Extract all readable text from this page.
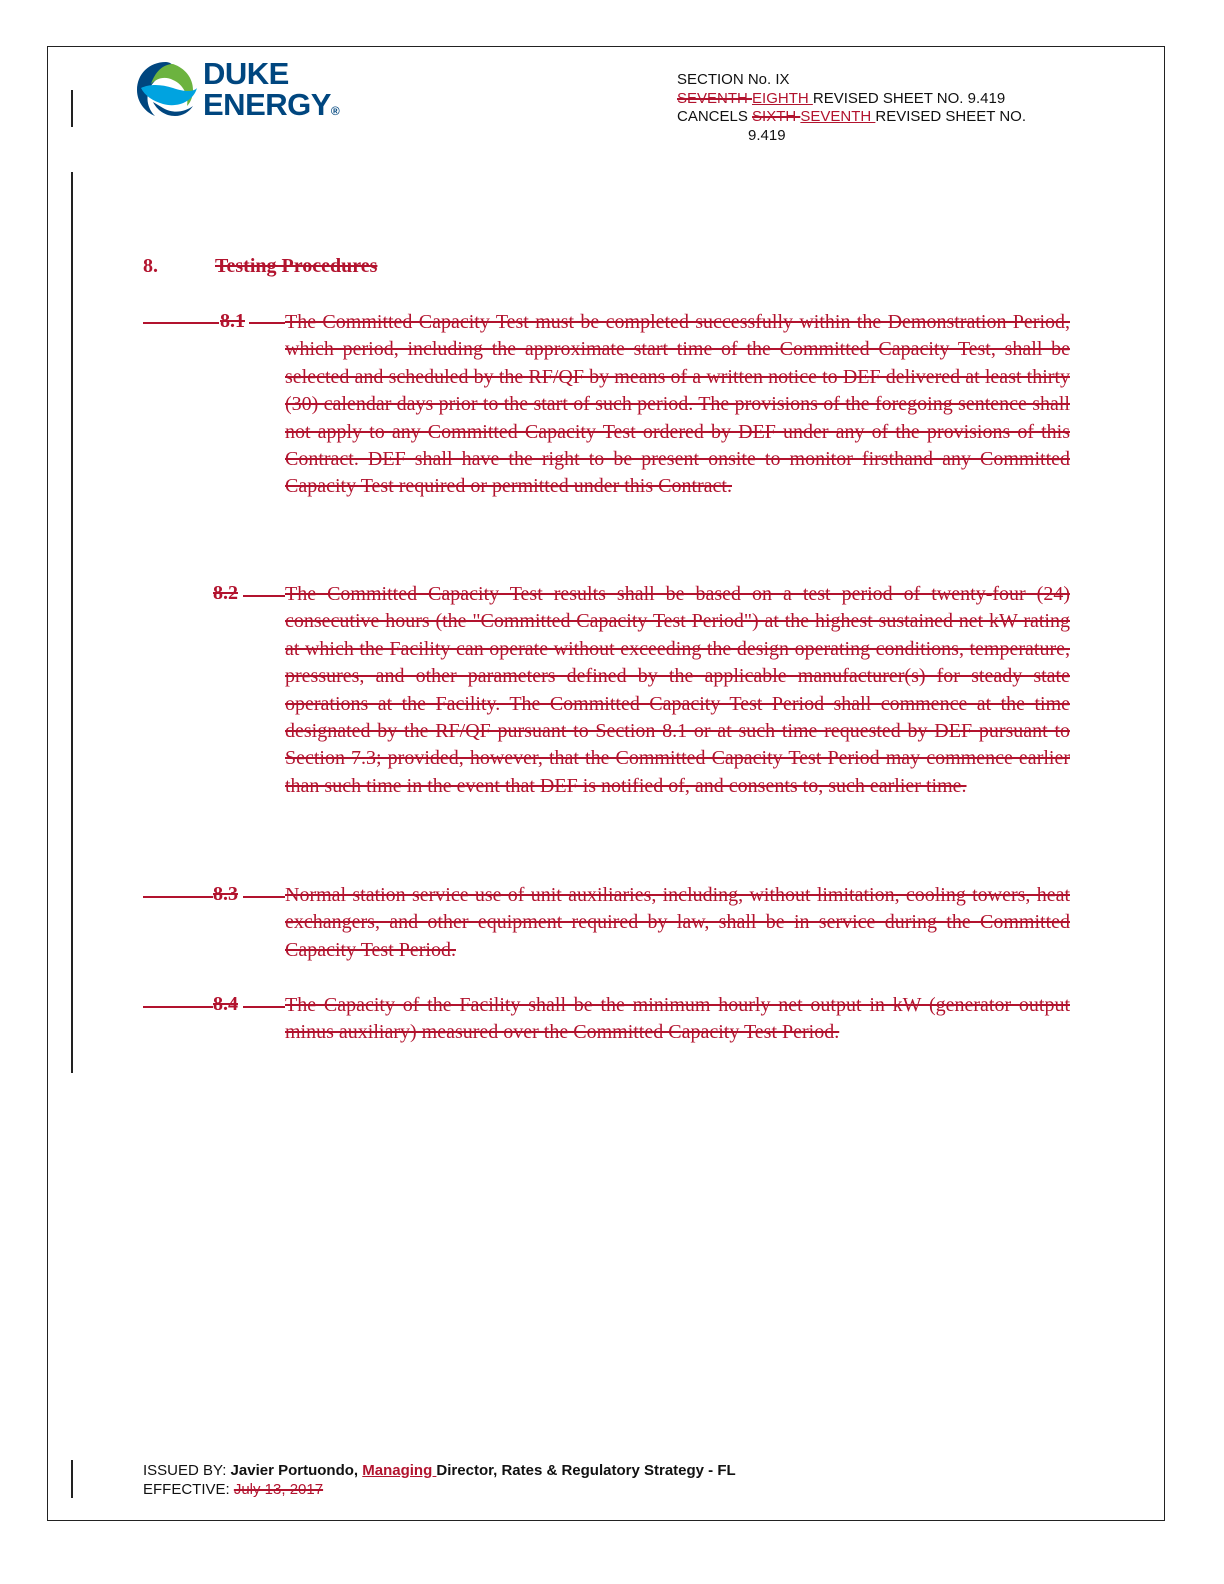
DUKE
ENERGY®
SECTION No. IX
SEVENTH EIGHTH REVISED SHEET NO. 9.419
CANCELS SIXTH SEVENTH REVISED SHEET NO.
9.419
8.	Testing Procedures
8.1 The Committed Capacity Test must be completed successfully within the Demonstration Period, which period, including the approximate start time of the Committed Capacity Test, shall be selected and scheduled by the RF/QF by means of a written notice to DEF delivered at least thirty (30) calendar days prior to the start of such period. The provisions of the foregoing sentence shall not apply to any Committed Capacity Test ordered by DEF under any of the provisions of this Contract. DEF shall have the right to be present onsite to monitor firsthand any Committed Capacity Test required or permitted under this Contract.
8.2 The Committed Capacity Test results shall be based on a test period of twenty-four (24) consecutive hours (the "Committed Capacity Test Period") at the highest sustained net kW rating at which the Facility can operate without exceeding the design operating conditions, temperature, pressures, and other parameters defined by the applicable manufacturer(s) for steady state operations at the Facility. The Committed Capacity Test Period shall commence at the time designated by the RF/QF pursuant to Section 8.1 or at such time requested by DEF pursuant to Section 7.3; provided, however, that the Committed Capacity Test Period may commence earlier than such time in the event that DEF is notified of, and consents to, such earlier time.
8.3 Normal station service use of unit auxiliaries, including, without limitation, cooling towers, heat exchangers, and other equipment required by law, shall be in service during the Committed Capacity Test Period.
8.4 The Capacity of the Facility shall be the minimum hourly net output in kW (generator output minus auxiliary) measured over the Committed Capacity Test Period.
ISSUED BY: Javier Portuondo, Managing Director, Rates & Regulatory Strategy - FL
EFFECTIVE: July 13, 2017
